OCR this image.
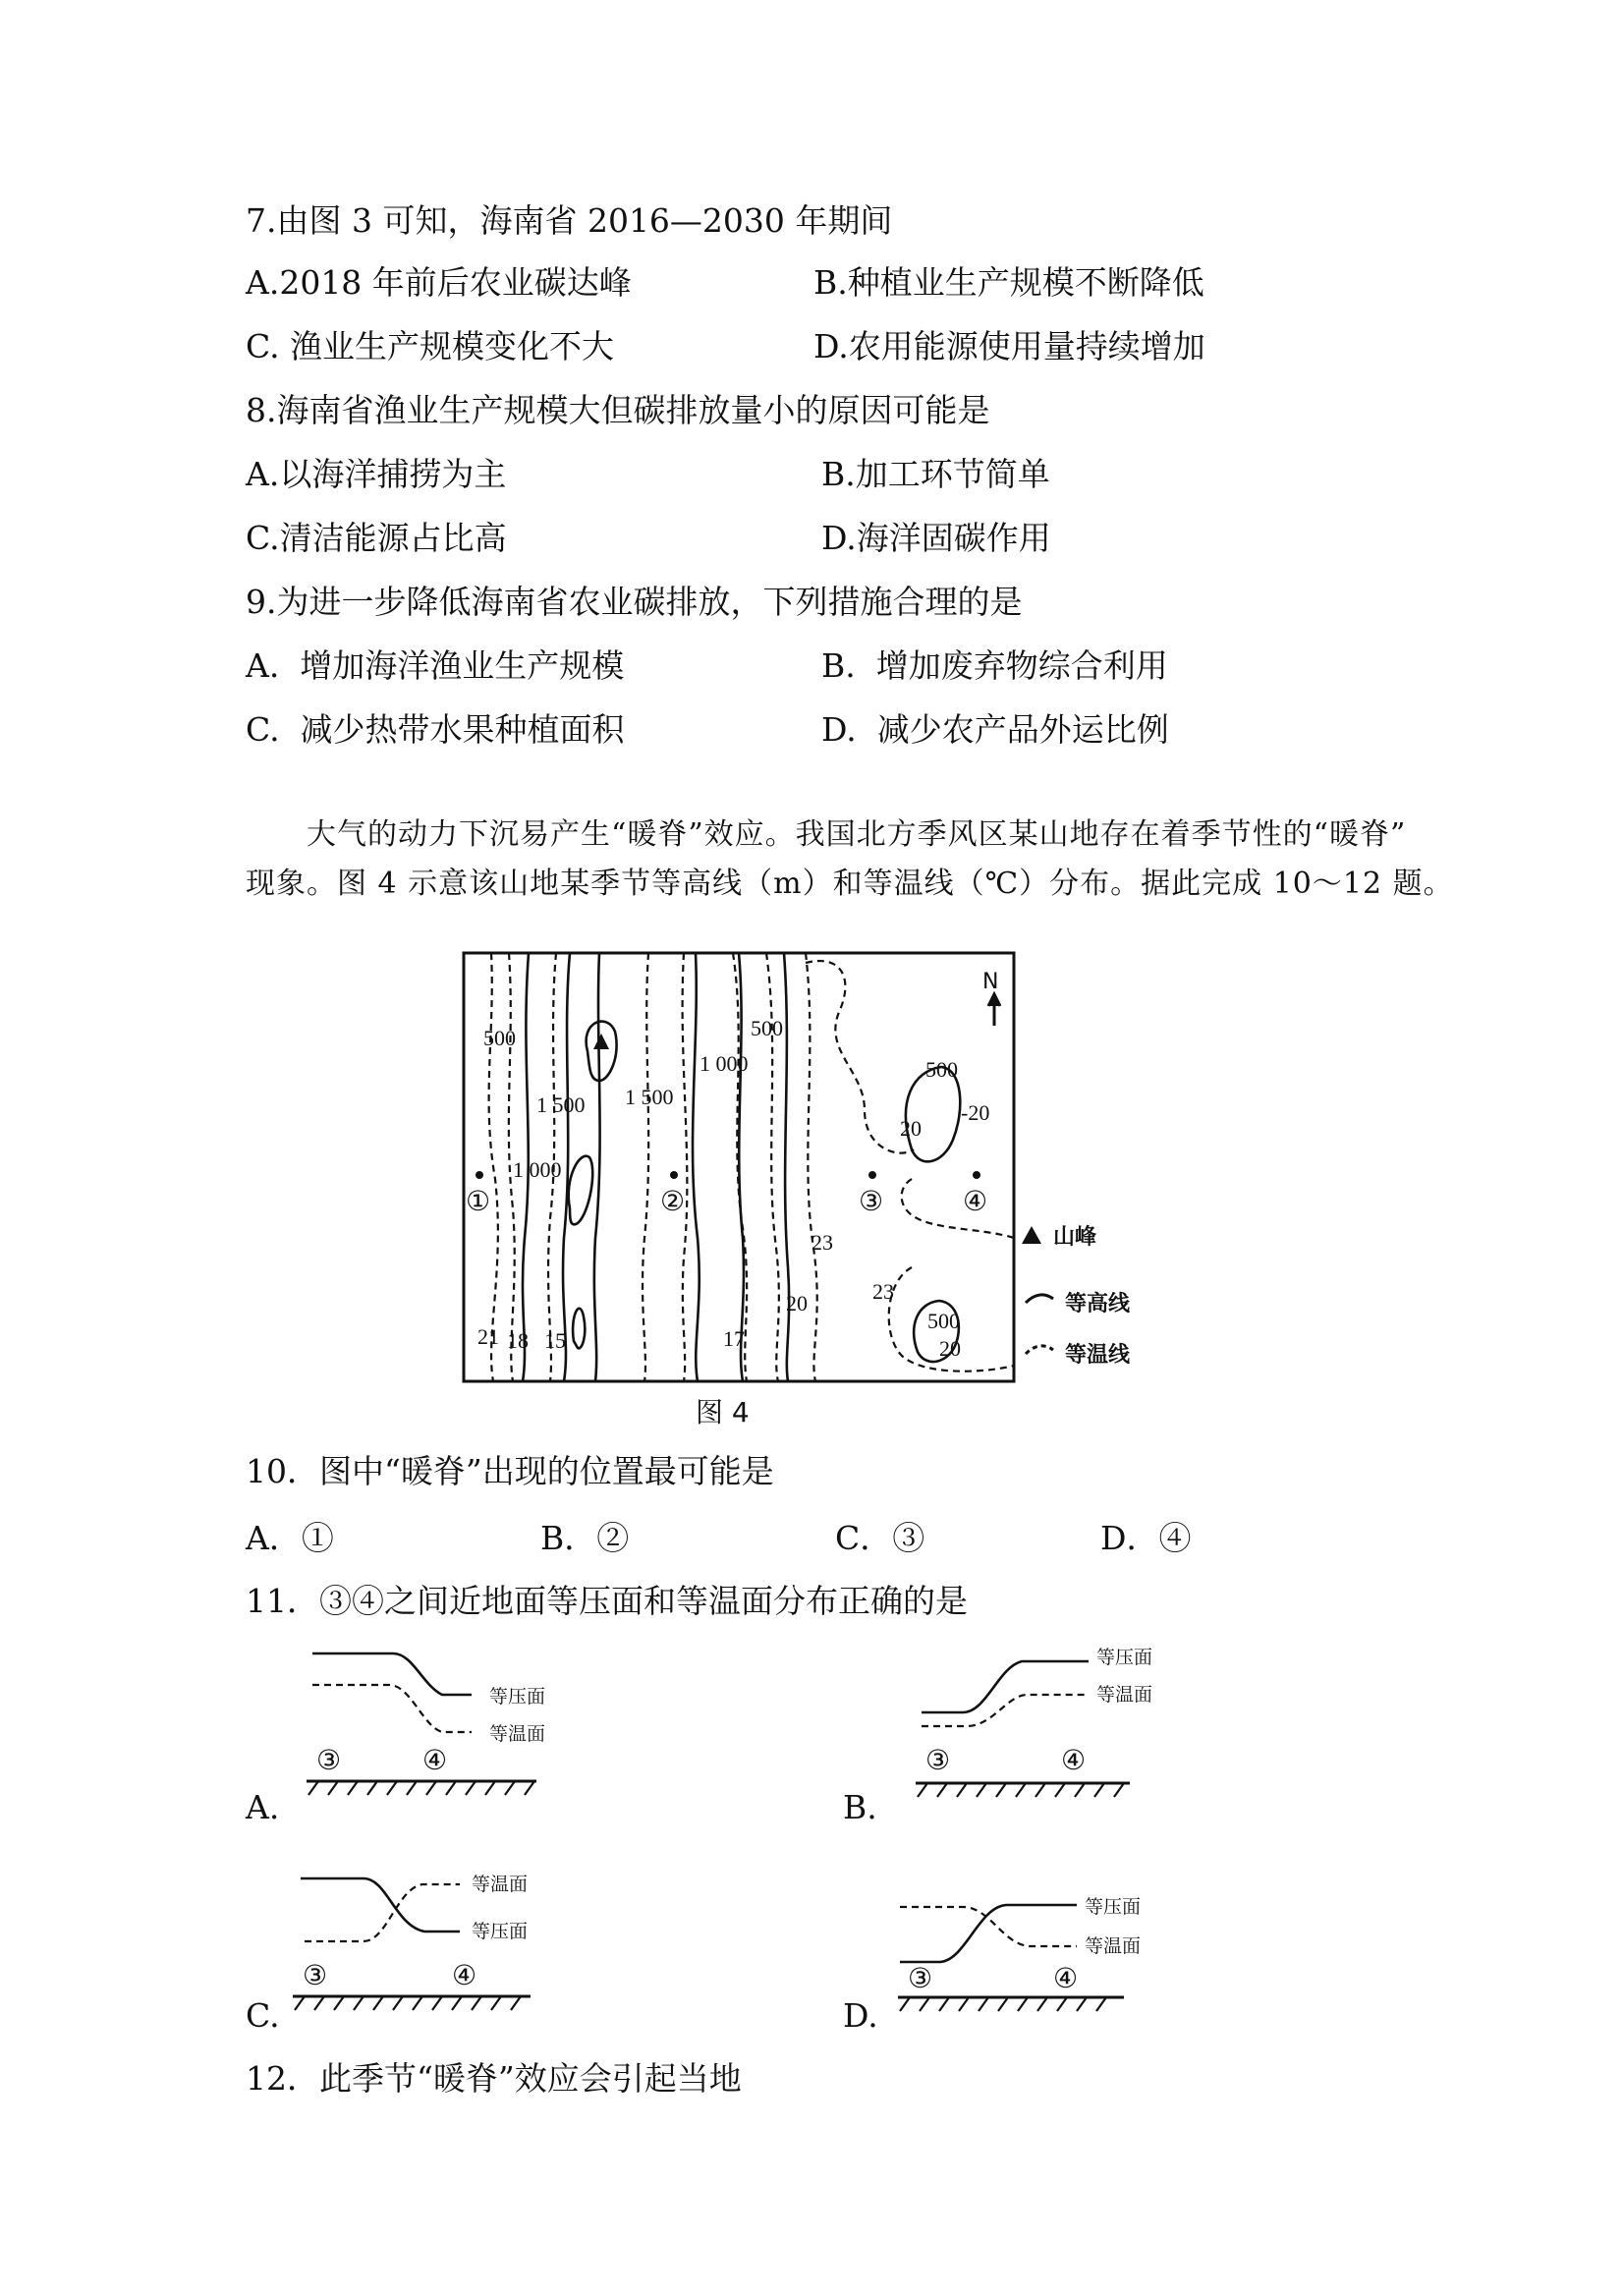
7.由图 3 可知，海南省 2016—2030 年期间
A.2018 年前后农业碳达峰	B.种植业生产规模不断降低
C. 渔业生产规模变化不大	D.农用能源使用量持续增加
8.海南省渔业生产规模大但碳排放量小的原因可能是
A.以海洋捕捞为主	B.加工环节简单
C.清洁能源占比高	D.海洋固碳作用
9.为进一步降低海南省农业碳排放，下列措施合理的是
A.  增加海洋渔业生产规模	B.  增加废弃物综合利用
C.  减少热带水果种植面积	D.  减少农产品外运比例
大气的动力下沉易产生“暖脊”效应。我国北方季风区某山地存在着季节性的“暖脊”
现象。图 4 示意该山地某季节等高线（m）和等温线（℃）分布。据此完成 10～12 题。
N
500
1 500 1 500
1 000
500
500
1 000
500
21 18 15	17
20
23
23
20
-20
20
①	②	③	④
山峰
等高线
等温线
图 4
10．图中“暖脊”出现的位置最可能是
A．①	B．②	C．③	D．④
11．③④之间近地面等压面和等温面分布正确的是
等压面
等温面
③	④
A.
等压面
等温面
③	④
B.
等温面
等压面
③	④
C.
等压面
等温面
③	④
D.
12．此季节“暖脊”效应会引起当地
